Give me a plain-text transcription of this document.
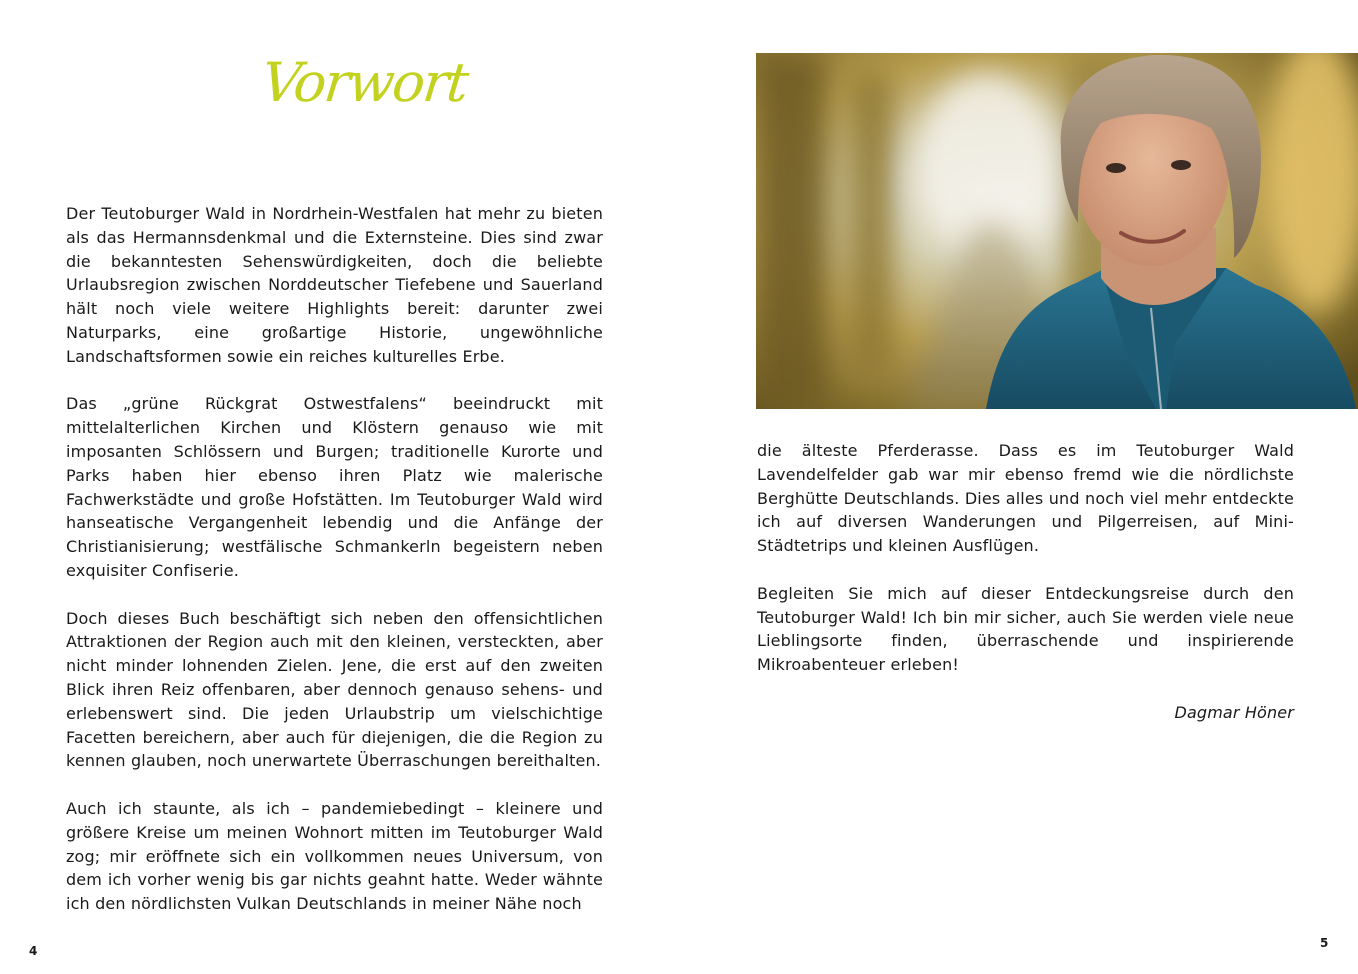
Vorwort

Der Teutoburger Wald in Nordrhein-Westfalen hat mehr zu bieten als das Hermannsdenkmal und die Externsteine. Dies sind zwar die bekanntesten Sehenswürdigkeiten, doch die beliebte Urlaubsregion zwischen Norddeutscher Tiefebene und Sauerland hält noch viele weitere Highlights bereit: darunter zwei Naturparks, eine großartige Historie, ungewöhnliche Landschaftsformen sowie ein reiches kulturelles Erbe.

Das „grüne Rückgrat Ostwestfalens“ beeindruckt mit mittelalterlichen Kirchen und Klöstern genauso wie mit imposanten Schlössern und Burgen; traditionelle Kurorte und Parks haben hier ebenso ihren Platz wie malerische Fachwerkstädte und große Hofstätten. Im Teutoburger Wald wird hanseatische Vergangenheit lebendig und die Anfänge der Christianisierung; westfälische Schmankerln begeistern neben exquisiter Confiserie.

Doch dieses Buch beschäftigt sich neben den offensichtlichen Attraktionen der Region auch mit den kleinen, versteckten, aber nicht minder lohnenden Zielen. Jene, die erst auf den zweiten Blick ihren Reiz offenbaren, aber dennoch genauso sehens- und erlebenswert sind. Die jeden Urlaubstrip um vielschichtige Facetten bereichern, aber auch für diejenigen, die die Region zu kennen glauben, noch unerwartete Überraschungen bereithalten.

Auch ich staunte, als ich – pandemiebedingt – kleinere und größere Kreise um meinen Wohnort mitten im Teutoburger Wald zog; mir eröffnete sich ein vollkommen neues Universum, von dem ich vorher wenig bis gar nichts geahnt hatte. Weder wähnte ich den nördlichsten Vulkan Deutschlands in meiner Nähe noch

die älteste Pferderasse. Dass es im Teutoburger Wald Lavendelfelder gab war mir ebenso fremd wie die nördlichste Berghütte Deutschlands. Dies alles und noch viel mehr entdeckte ich auf diversen Wanderungen und Pilgerreisen, auf Mini-Städtetrips und kleinen Ausflügen.

Begleiten Sie mich auf dieser Entdeckungsreise durch den Teutoburger Wald! Ich bin mir sicher, auch Sie werden viele neue Lieblingsorte finden, überraschende und inspirierende Mikroabenteuer erleben!

Dagmar Höner

4
5
